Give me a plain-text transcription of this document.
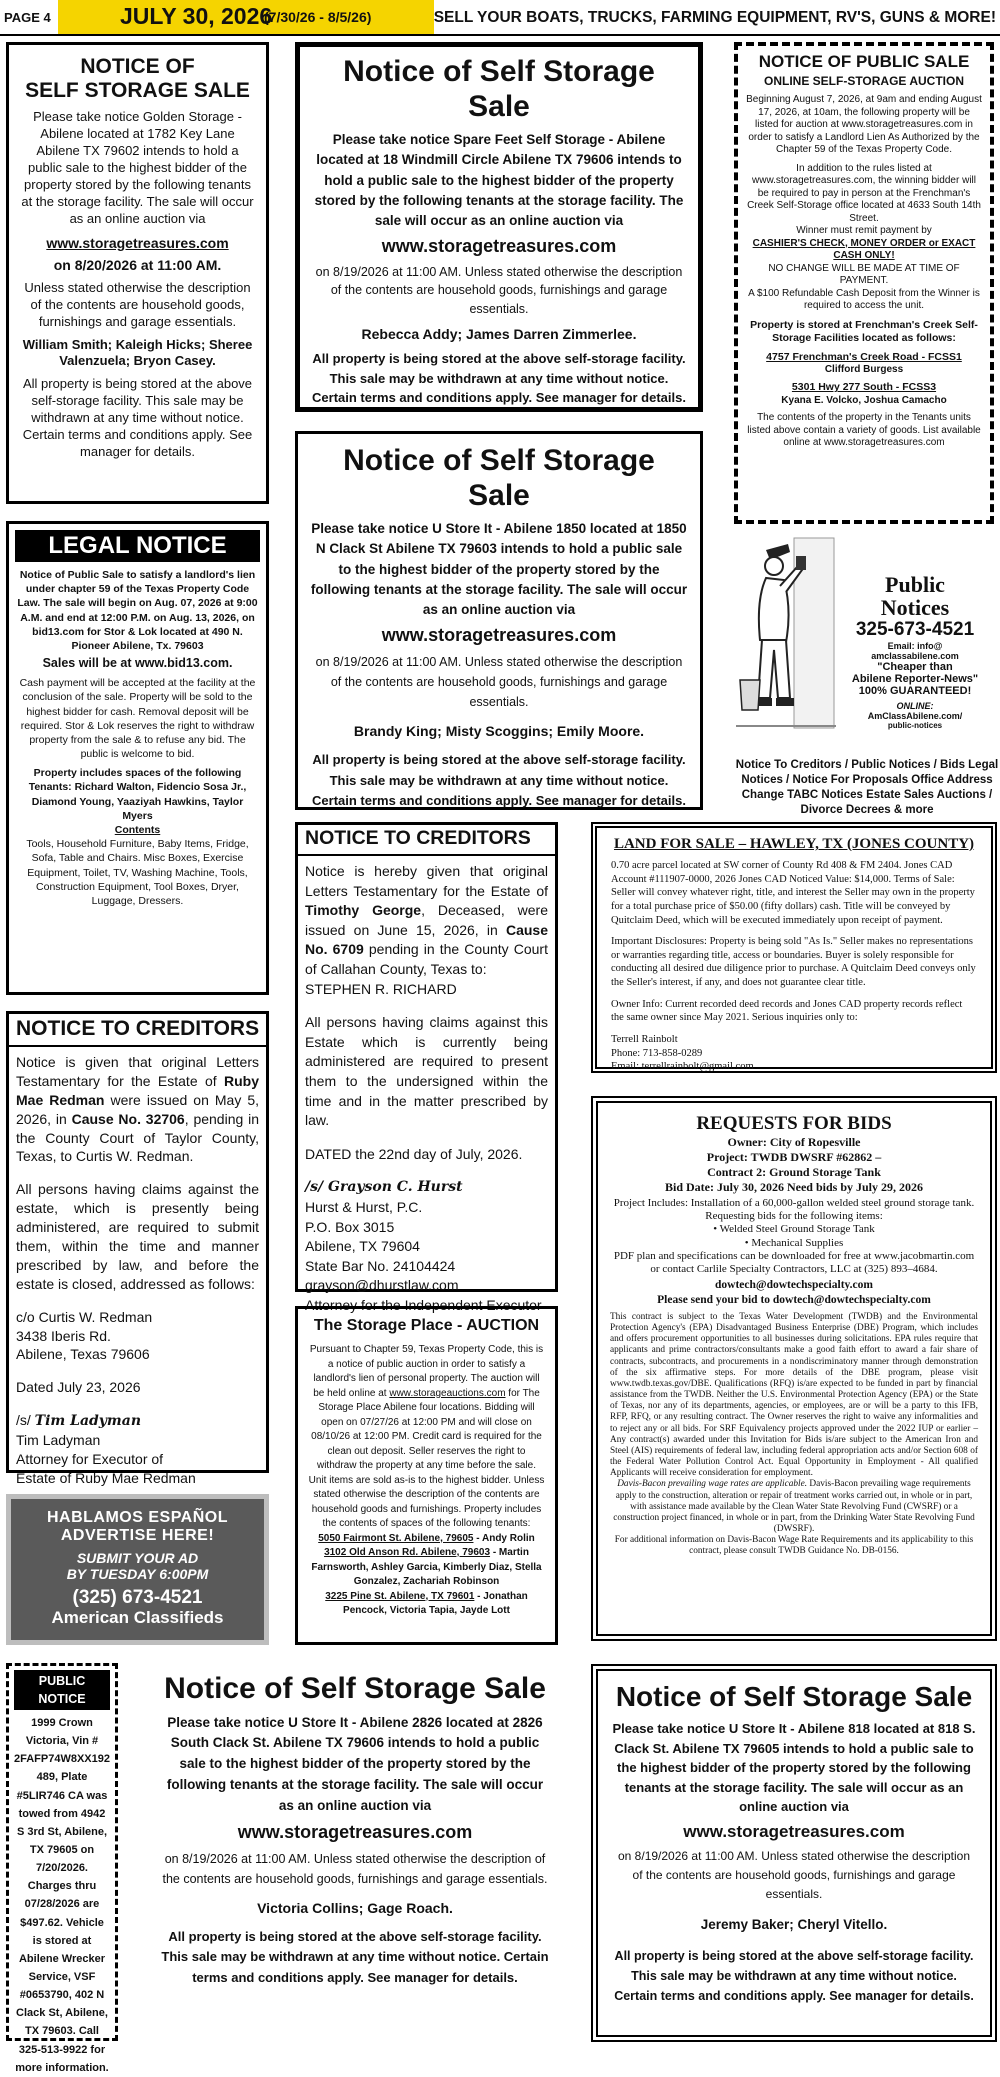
PAGE 4	JULY 30, 2026
(7/30/26 - 8/5/26)	SELL YOUR BOATS, TRUCKS, FARMING EQUIPMENT, RV'S, GUNS & MORE!
NOTICE OF
SELF STORAGE SALE

Please take notice Golden Storage - Abilene located at 1782 Key Lane Abilene TX 79602 intends to hold a public sale to the highest bidder of the property stored by the following tenants at the storage facility. The sale will occur as an online auction via

www.storagetreasures.com

on 8/20/2026 at 11:00 AM.

Unless stated otherwise the description of the contents are household goods, furnishings and garage essentials.

William Smith; Kaleigh Hicks; Sheree Valenzuela; Bryon Casey.

All property is being stored at the above self-storage facility. This sale may be withdrawn at any time without notice. Certain terms and conditions apply. See manager for details.

Notice of Self Storage Sale

Please take notice Spare Feet Self Storage - Abilene located at 18 Windmill Circle Abilene TX 79606 intends to hold a public sale to the highest bidder of the property stored by the following tenants at the storage facility. The sale will occur as an online auction via

www.storagetreasures.com

on 8/19/2026 at 11:00 AM. Unless stated otherwise the description of the contents are household goods, furnishings and garage essentials.

Rebecca Addy; James Darren Zimmerlee.

All property is being stored at the above self-storage facility. This sale may be withdrawn at any time without notice. Certain terms and conditions apply. See manager for details.

NOTICE OF PUBLIC SALE
ONLINE SELF-STORAGE AUCTION

Beginning August 7, 2026, at 9am and ending August 17, 2026, at 10am, the following property will be listed for auction at www.storagetreasures.com in order to satisfy a Landlord Lien As Authorized by the Chapter 59 of the Texas Property Code.

In addition to the rules listed at www.storagetreasures.com, the winning bidder will be required to pay in person at the Frenchman's Creek Self-Storage office located at 4633 South 14th Street.

Winner must remit payment by

CASHIER'S CHECK, MONEY ORDER or EXACT CASH ONLY!

NO CHANGE WILL BE MADE AT TIME OF PAYMENT.

A $100 Refundable Cash Deposit from the Winner is required to access the unit.

Property is stored at Frenchman's Creek Self-Storage Facilities located as follows:

4757 Frenchman's Creek Road - FCSS1

Clifford Burgess

5301 Hwy 277 South - FCSS3

Kyana E. Volcko, Joshua Camacho

The contents of the property in the Tenants units listed above contain a variety of goods. List available online at www.storagetreasures.com

LEGAL NOTICE

Notice of Public Sale to satisfy a landlord's lien under chapter 59 of the Texas Property Code Law. The sale will begin on Aug. 07, 2026 at 9:00 A.M. and end at 12:00 P.M. on Aug. 13, 2026, on bid13.com for Stor & Lok located at 490 N. Pioneer Abilene, Tx. 79603

Sales will be at www.bid13.com.

Cash payment will be accepted at the facility at the conclusion of the sale. Property will be sold to the highest bidder for cash. Removal deposit will be required. Stor & Lok reserves the right to withdraw property from the sale & to refuse any bid. The public is welcome to bid.

Property includes spaces of the following Tenants: Richard Walton, Fidencio Sosa Jr., Diamond Young, Yaaziyah Hawkins, Taylor Myers

Contents

Tools, Household Furniture, Baby Items, Fridge, Sofa, Table and Chairs. Misc Boxes, Exercise Equipment, Toilet, TV, Washing Machine, Tools, Construction Equipment, Tool Boxes, Dryer, Luggage, Dressers.

Notice of Self Storage Sale

Please take notice U Store It - Abilene 1850 located at 1850 N Clack St Abilene TX 79603 intends to hold a public sale to the highest bidder of the property stored by the following tenants at the storage facility. The sale will occur as an online auction via

www.storagetreasures.com

on 8/19/2026 at 11:00 AM. Unless stated otherwise the description of the contents are household goods, furnishings and garage essentials.

Brandy King; Misty Scoggins; Emily Moore.

All property is being stored at the above self-storage facility. This sale may be withdrawn at any time without notice. Certain terms and conditions apply. See manager for details.

Public
Notices
325-673-4521
Email: info@
amclassabilene.com
"Cheaper than
Abilene Reporter-News"
100% GUARANTEED!
ONLINE:
AmClassAbilene.com/
public-notices

Notice To Creditors / Public Notices / Bids Legal Notices / Notice For Proposals Office Address Change TABC Notices Estate Sales Auctions / Divorce Decrees & more

NOTICE TO CREDITORS

Notice is hereby given that original Letters Testamentary for the Estate of Timothy George, Deceased, were issued on June 15, 2026, in Cause No. 6709 pending in the County Court of Callahan County, Texas to:

STEPHEN R. RICHARD

All persons having claims against this Estate which is currently being administered are required to present them to the undersigned within the time and in the matter prescribed by law.

DATED the 22nd day of July, 2026.

/s/ Grayson C. Hurst

Hurst & Hurst, P.C.

P.O. Box 3015

Abilene, TX 79604

State Bar No. 24104424

grayson@dhurstlaw.com

Attorney for the Independent Executor

LAND FOR SALE – HAWLEY, TX (JONES COUNTY)

0.70 acre parcel located at SW corner of County Rd 408 & FM 2404. Jones CAD Account #111907-0000, 2026 Jones CAD Noticed Value: $14,000. Terms of Sale: Seller will convey whatever right, title, and interest the Seller may own in the property for a total purchase price of $50.00 (fifty dollars) cash. Title will be conveyed by Quitclaim Deed, which will be executed immediately upon receipt of payment.

Important Disclosures: Property is being sold "As Is." Seller makes no representations or warranties regarding title, access or boundaries. Buyer is solely responsible for conducting all desired due diligence prior to purchase. A Quitclaim Deed conveys only the Seller's interest, if any, and does not guarantee clear title.

Owner Info: Current recorded deed records and Jones CAD property records reflect the same owner since May 2021. Serious inquiries only to:

Terrell Rainbolt

Phone: 713-858-0289

Email: terrellrainbolt@gmail.com

NOTICE TO CREDITORS

Notice is given that original Letters Testamentary for the Estate of Ruby Mae Redman were issued on May 5, 2026, in Cause No. 32706, pending in the County Court of Taylor County, Texas, to Curtis W. Redman.

All persons having claims against the estate, which is presently being administered, are required to submit them, within the time and manner prescribed by law, and before the estate is closed, addressed as follows:

c/o Curtis W. Redman

3438 Iberis Rd.

Abilene, Texas 79606

Dated July 23, 2026

/s/ Tim Ladyman

Tim Ladyman

Attorney for Executor of

Estate of Ruby Mae Redman

REQUESTS FOR BIDS

Owner: City of Ropesville

Project: TWDB DWSRF #62862 –

Contract 2: Ground Storage Tank

Bid Date: July 30, 2026 Need bids by July 29, 2026

Project Includes: Installation of a 60,000-gallon welded steel ground storage tank.

Requesting bids for the following items:

• Welded Steel Ground Storage Tank

• Mechanical Supplies

PDF plan and specifications can be downloaded for free at www.jacobmartin.com or contact Carlile Specialty Contractors, LLC at (325) 893–4684.

dowtech@dowtechspecialty.com

Please send your bid to dowtech@dowtechspecialty.com

This contract is subject to the Texas Water Development (TWDB) and the Environmental Protection Agency's (EPA) Disadvantaged Business Enterprise (DBE) Program, which includes and offers procurement opportunities to all businesses during solicitations. EPA rules require that applicants and prime contractors/consultants make a good faith effort to award a fair share of contracts, subcontracts, and procurements in a nondiscriminatory manner through demonstration of the six affirmative steps. For more details of the DBE program, please visit www.twdb.texas.gov/DBE. Qualifications (RFQ) is/are expected to be funded in part by financial assistance from the TWDB. Neither the U.S. Environmental Protection Agency (EPA) or the State of Texas, nor any of its departments, agencies, or employees, are or will be a party to this IFB, RFP, RFQ, or any resulting contract. The Owner reserves the right to waive any informalities and to reject any or all bids. For SRF Equivalency projects approved under the 2022 IUP or earlier –Any contract(s) awarded under this Invitation for Bids is/are subject to the American Iron and Steel (AIS) requirements of federal law, including federal appropriation acts and/or Section 608 of the Federal Water Pollution Control Act. Equal Opportunity in Employment - All qualified Applicants will receive consideration for employment.

Davis-Bacon prevailing wage rates are applicable. Davis-Bacon prevailing wage requirements apply to the construction, alteration or repair of treatment works carried out, in whole or in part, with assistance made available by the Clean Water State Revolving Fund (CWSRF) or a construction project financed, in whole or in part, from the Drinking Water State Revolving Fund (DWSRF).

For additional information on Davis-Bacon Wage Rate Requirements and its applicability to this contract, please consult TWDB Guidance No. DB-0156.

The Storage Place - AUCTION

Pursuant to Chapter 59, Texas Property Code, this is a notice of public auction in order to satisfy a landlord's lien of personal property. The auction will be held online at www.storageauctions.com for The Storage Place Abilene four locations. Bidding will open on 07/27/26 at 12:00 PM and will close on 08/10/26 at 12:00 PM. Credit card is required for the clean out deposit. Seller reserves the right to withdraw the property at any time before the sale. Unit items are sold as-is to the highest bidder. Unless stated otherwise the description of the contents are household goods and furnishings. Property includes the contents of spaces of the following tenants:

5050 Fairmont St. Abilene, 79605 - Andy Rolin

3102 Old Anson Rd. Abilene, 79603 - Martin Farnsworth, Ashley Garcia, Kimberly Diaz, Stella Gonzalez, Zachariah Robinson

3225 Pine St. Abilene, TX 79601 - Jonathan Pencock, Victoria Tapia, Jayde Lott

HABLAMOS ESPAÑOL
ADVERTISE HERE!
SUBMIT YOUR AD
BY TUESDAY 6:00PM
(325) 673-4521
American Classifieds
PUBLIC NOTICE

1999 Crown Victoria, Vin # 2FAFP74W8XX192489, Plate #5LIR746 CA was towed from 4942 S 3rd St, Abilene, TX 79605 on 7/20/2026. Charges thru 07/28/2026 are $497.62. Vehicle is stored at Abilene Wrecker Service, VSF #0653790, 402 N Clack St, Abilene, TX 79603. Call 325-513-9922 for more information.

Notice of Self Storage Sale

Please take notice U Store It - Abilene 2826 located at 2826 South Clack St. Abilene TX 79606 intends to hold a public sale to the highest bidder of the property stored by the following tenants at the storage facility. The sale will occur as an online auction via

www.storagetreasures.com

on 8/19/2026 at 11:00 AM. Unless stated otherwise the description of the contents are household goods, furnishings and garage essentials.

Victoria Collins; Gage Roach.

All property is being stored at the above self-storage facility. This sale may be withdrawn at any time without notice. Certain terms and conditions apply. See manager for details.

Notice of Self Storage Sale

Please take notice U Store It - Abilene 818 located at 818 S. Clack St. Abilene TX 79605 intends to hold a public sale to the highest bidder of the property stored by the following tenants at the storage facility. The sale will occur as an online auction via

www.storagetreasures.com

on 8/19/2026 at 11:00 AM. Unless stated otherwise the description of the contents are household goods, furnishings and garage essentials.

Jeremy Baker; Cheryl Vitello.

All property is being stored at the above self-storage facility. This sale may be withdrawn at any time without notice. Certain terms and conditions apply. See manager for details.
